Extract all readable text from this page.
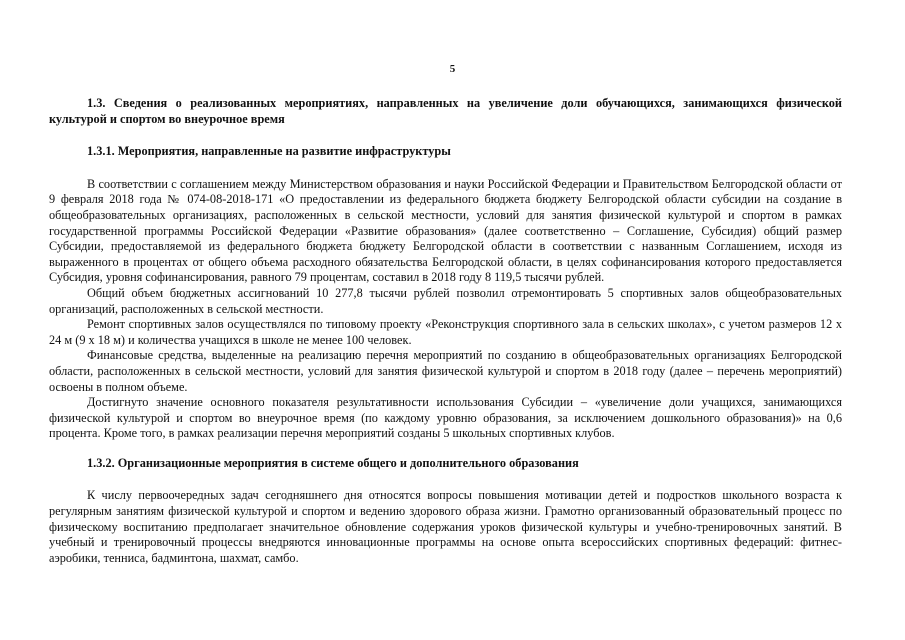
5

1.3. Сведения о реализованных мероприятиях, направленных на увеличение доли обучающихся, занимающихся физической культурой и спортом во внеурочное время

1.3.1. Мероприятия, направленные на развитие инфраструктуры

В соответствии с соглашением между Министерством образования и науки Российской Федерации и Правительством Белгородской области от 9 февраля 2018 года № 074-08-2018-171 «О предоставлении из федерального бюджета бюджету Белгородской области субсидии на создание в общеобразовательных организациях, расположенных в сельской местности, условий для занятия физической культурой и спортом в рамках государственной программы Российской Федерации «Развитие образования» (далее соответственно – Соглашение, Субсидия) общий размер Субсидии, предоставляемой из федерального бюджета бюджету Белгородской области в соответствии с названным Соглашением, исходя из выраженного в процентах от общего объема расходного обязательства Белгородской области, в целях софинансирования которого предоставляется Субсидия, уровня софинансирования, равного 79 процентам, составил в 2018 году 8 119,5 тысячи рублей.

Общий объем бюджетных ассигнований 10 277,8 тысячи рублей позволил отремонтировать 5 спортивных залов общеобразовательных организаций, расположенных в сельской местности.

Ремонт спортивных залов осуществлялся по типовому проекту «Реконструкция спортивного зала в сельских школах», с учетом размеров 12 х 24 м (9 х 18 м) и количества учащихся в школе не менее 100 человек.

Финансовые средства, выделенные на реализацию перечня мероприятий по созданию в общеобразовательных организациях Белгородской области, расположенных в сельской местности, условий для занятия физической культурой и спортом в 2018 году (далее – перечень мероприятий) освоены в полном объеме.

Достигнуто значение основного показателя результативности использования Субсидии – «увеличение доли учащихся, занимающихся физической культурой и спортом во внеурочное время (по каждому уровню образования, за исключением дошкольного образования)» на 0,6 процента. Кроме того, в рамках реализации перечня мероприятий созданы 5 школьных спортивных клубов.

1.3.2. Организационные мероприятия в системе общего и дополнительного образования

К числу первоочередных задач сегодняшнего дня относятся вопросы повышения мотивации детей и подростков школьного возраста к регулярным занятиям физической культурой и спортом и ведению здорового образа жизни. Грамотно организованный образовательный процесс по физическому воспитанию предполагает значительное обновление содержания уроков физической культуры и учебно-тренировочных занятий. В учебный и тренировочный процессы внедряются инновационные программы на основе опыта всероссийских спортивных федераций: фитнес-аэробики, тенниса, бадминтона, шахмат, самбо.
